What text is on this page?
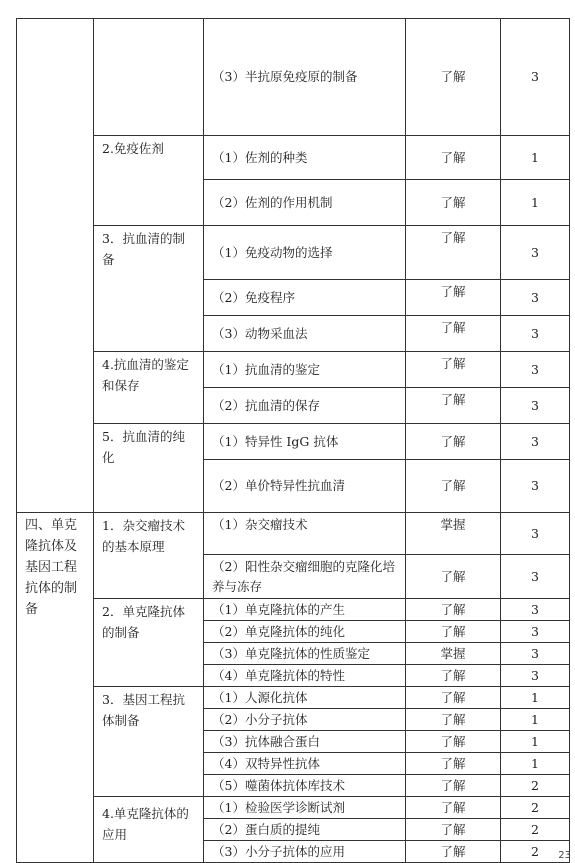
		（3）半抗原免疫原的制备	了解	3
	2.免疫佐剂	（1）佐剂的种类	了解	1
		（2）佐剂的作用机制	了解	1
	3．抗血清的制备	（1）免疫动物的选择	了解	3
		（2）免疫程序	了解	3
		（3）动物采血法	了解	3
	4.抗血清的鉴定和保存	（1）抗血清的鉴定	了解	3
		（2）抗血清的保存	了解	3
	5．抗血清的纯化	（1）特异性 IgG 抗体	了解	3
		（2）单价特异性抗血清	了解	3
四、单克隆抗体及基因工程抗体的制备	1．杂交瘤技术的基本原理	（1）杂交瘤技术	掌握	3
		（2）阳性杂交瘤细胞的克隆化培养与冻存	了解	3
	2．单克隆抗体的制备	（1）单克隆抗体的产生	了解	3
		（2）单克隆抗体的纯化	了解	3
		（3）单克隆抗体的性质鉴定	掌握	3
		（4）单克隆抗体的特性	了解	3
	3．基因工程抗体制备	（1）人源化抗体	了解	1
		（2）小分子抗体	了解	1
		（3）抗体融合蛋白	了解	1
		（4）双特异性抗体	了解	1
		（5）噬菌体抗体库技术	了解	2
	4.单克隆抗体的应用	（1）检验医学诊断试剂	了解	2
		（2）蛋白质的提纯	了解	2
		（3）小分子抗体的应用	了解	2 23
